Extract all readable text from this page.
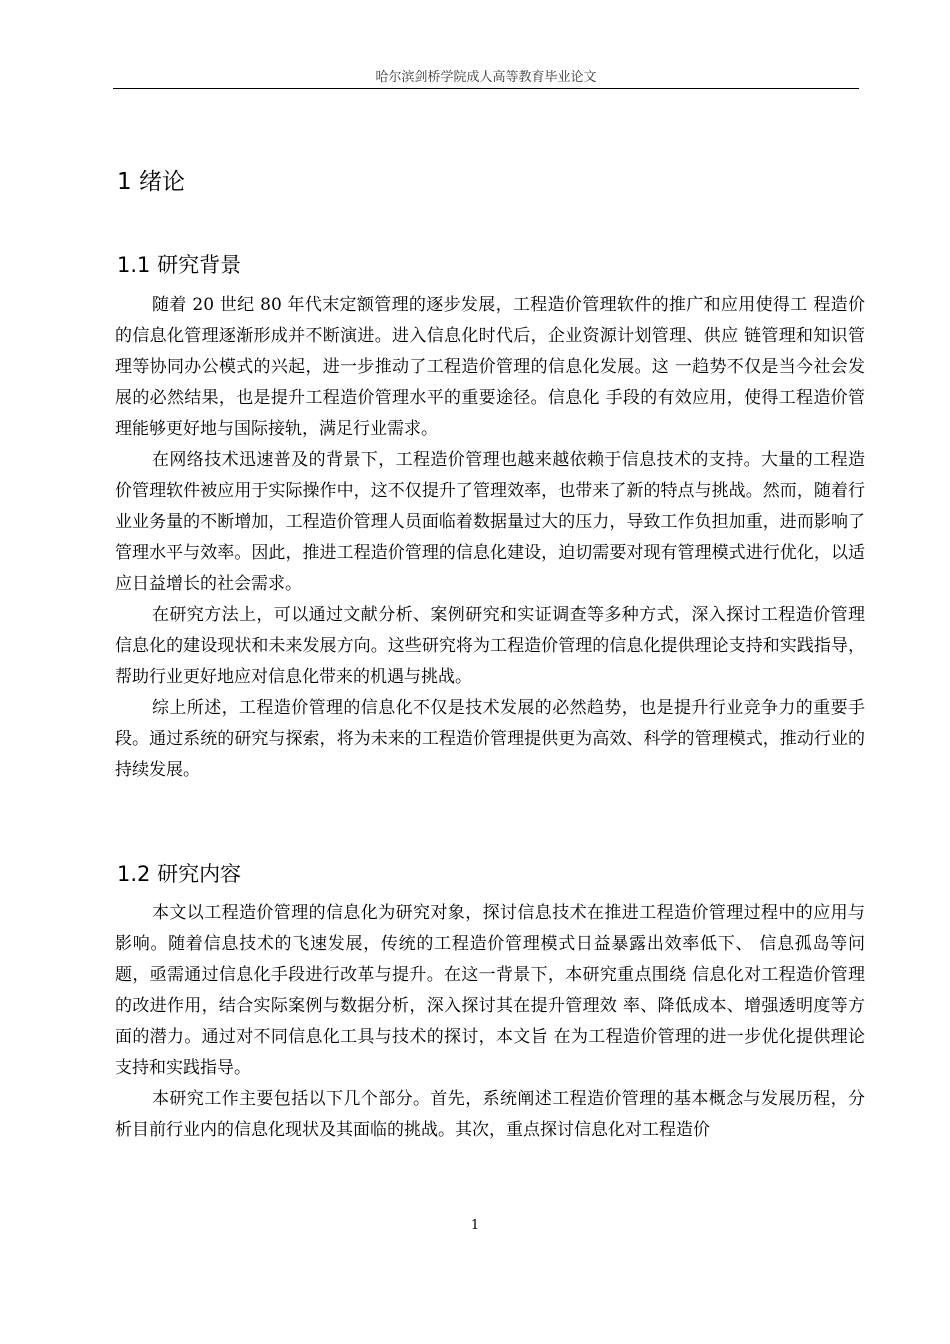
哈尔滨剑桥学院成人高等教育毕业论文
1 绪论
1.1 研究背景

随着 20 世纪 80 年代末定额管理的逐步发展，工程造价管理软件的推广和应用使得工 程造价的信息化管理逐渐形成并不断演进。进入信息化时代后，企业资源计划管理、供应 链管理和知识管理等协同办公模式的兴起，进一步推动了工程造价管理的信息化发展。这 一趋势不仅是当今社会发展的必然结果，也是提升工程造价管理水平的重要途径。信息化 手段的有效应用，使得工程造价管理能够更好地与国际接轨，满足行业需求。

在网络技术迅速普及的背景下，工程造价管理也越来越依赖于信息技术的支持。大量的工程造价管理软件被应用于实际操作中，这不仅提升了管理效率，也带来了新的特点与挑战。然而，随着行业业务量的不断增加，工程造价管理人员面临着数据量过大的压力，导致工作负担加重，进而影响了管理水平与效率。因此，推进工程造价管理的信息化建设，迫切需要对现有管理模式进行优化，以适应日益增长的社会需求。

在研究方法上，可以通过文献分析、案例研究和实证调查等多种方式，深入探讨工程造价管理信息化的建设现状和未来发展方向。这些研究将为工程造价管理的信息化提供理论支持和实践指导，帮助行业更好地应对信息化带来的机遇与挑战。

综上所述，工程造价管理的信息化不仅是技术发展的必然趋势，也是提升行业竞争力的重要手段。通过系统的研究与探索，将为未来的工程造价管理提供更为高效、科学的管理模式，推动行业的持续发展。

1.2 研究内容

本文以工程造价管理的信息化为研究对象，探讨信息技术在推进工程造价管理过程中的应用与影响。随着信息技术的飞速发展，传统的工程造价管理模式日益暴露出效率低下、 信息孤岛等问题，亟需通过信息化手段进行改革与提升。在这一背景下，本研究重点围绕 信息化对工程造价管理的改进作用，结合实际案例与数据分析，深入探讨其在提升管理效 率、降低成本、增强透明度等方面的潜力。通过对不同信息化工具与技术的探讨，本文旨 在为工程造价管理的进一步优化提供理论支持和实践指导。

本研究工作主要包括以下几个部分。首先，系统阐述工程造价管理的基本概念与发展历程，分析目前行业内的信息化现状及其面临的挑战。其次，重点探讨信息化对工程造价

1
